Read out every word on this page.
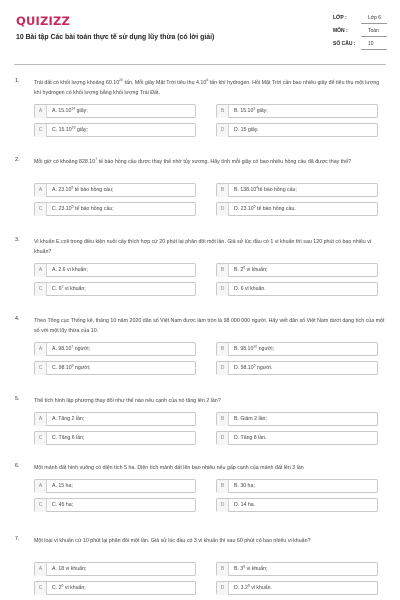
QUIZIZZ
10 Bài tập Các bài toán thực tế sử dụng lũy thừa (có lời giải)
LỚP :	Lớp 6
MÔN :	Toán
SỐ CÂU :	10
1.	Trái đất có khối lượng khoảng 60.10$^{20}$ tấn. Mỗi giây Mặt Trời tiêu thụ 4.10$^6$ tấn khí hydrogen. Hỏi Mặt Trời cần bao nhiêu giây để tiêu thụ một lượng khí hydrogen có khối lượng bằng khối lượng Trái Đất.
A	A. 15.10$^{14}$ giây;	B	B. 15.10$^3$ giây;
C	C. 15.10$^{26}$ giây;	D	D. 15 giây.
2.	Mỗi giờ có khoảng 828.10$^7$ tế bào hồng cầu được thay thế nhờ tủy xương. Hãy tính mỗi giây có bao nhiêu hồng cầu đã được thay thế?
A	A. 23.10$^5$ tế bào hồng cầu;	B	B. 138.10$^4$tế bào hồng cầu;
C	C. 23.10$^5$ tế bào hồng cầu;	D	D. 23.10$^6$ tế bào hồng cầu.
3.	Vi khuẩn E.coli trong điều kiện nuôi cấy thích hợp cứ 20 phút lại phân đôi một lần. Giả sử lúc đầu có 1 vi khuẩn thì sau 120 phút có bao nhiêu vi khuẩn?
A	A. 2.6 vi khuẩn;	B	B. $2^6$ vi khuẩn;
C	C. $6^2$ vi khuẩn;	D	D. 6 vi khuẩn.
4.	Theo Tổng cục Thống kê, tháng 10 năm 2020 dân số Việt Nam được làm tròn là 98 000 000 người. Hãy viết dân số Việt Nam dưới dạng tích của một số với một lũy thừa của 10.
A	A. 98.10$^7$ người;	B	B. 98.10$^{10}$ người;
C	C. 98.10$^6$ người;	D	D. 98.10$^5$ người.
5.	Thể tích hình lập phương thay đổi như thế nào nếu cạnh của nó tăng lên 2 lần?
A	A. Tăng 2 lần;	B	B. Giảm 2 lần;
C	C. Tăng 6 lần;	D	D. Tăng 8 lần.
6.	Một mảnh đất hình vuông có diện tích 5 ha. Diện tích mảnh đất lên bao nhiêu nếu gấp cạnh của mảnh đất lên 3 lần
A	A. 15 ha;	B	B. 30 ha;
C	C. 45 ha;	D	D. 14 ha.
7.	Một loại vi khuẩn cứ 10 phút lại phân đôi một lần. Giả sử lúc đầu có 3 vi khuẩn thì sau 60 phút có bao nhiêu vi khuẩn?
A	A. 18 vi khuẩn;	B	B. $3^6$ vi khuẩn;
C	C. $2^6$ vi khuẩn;	D	D. $3.2^6$ vi khuẩn.
